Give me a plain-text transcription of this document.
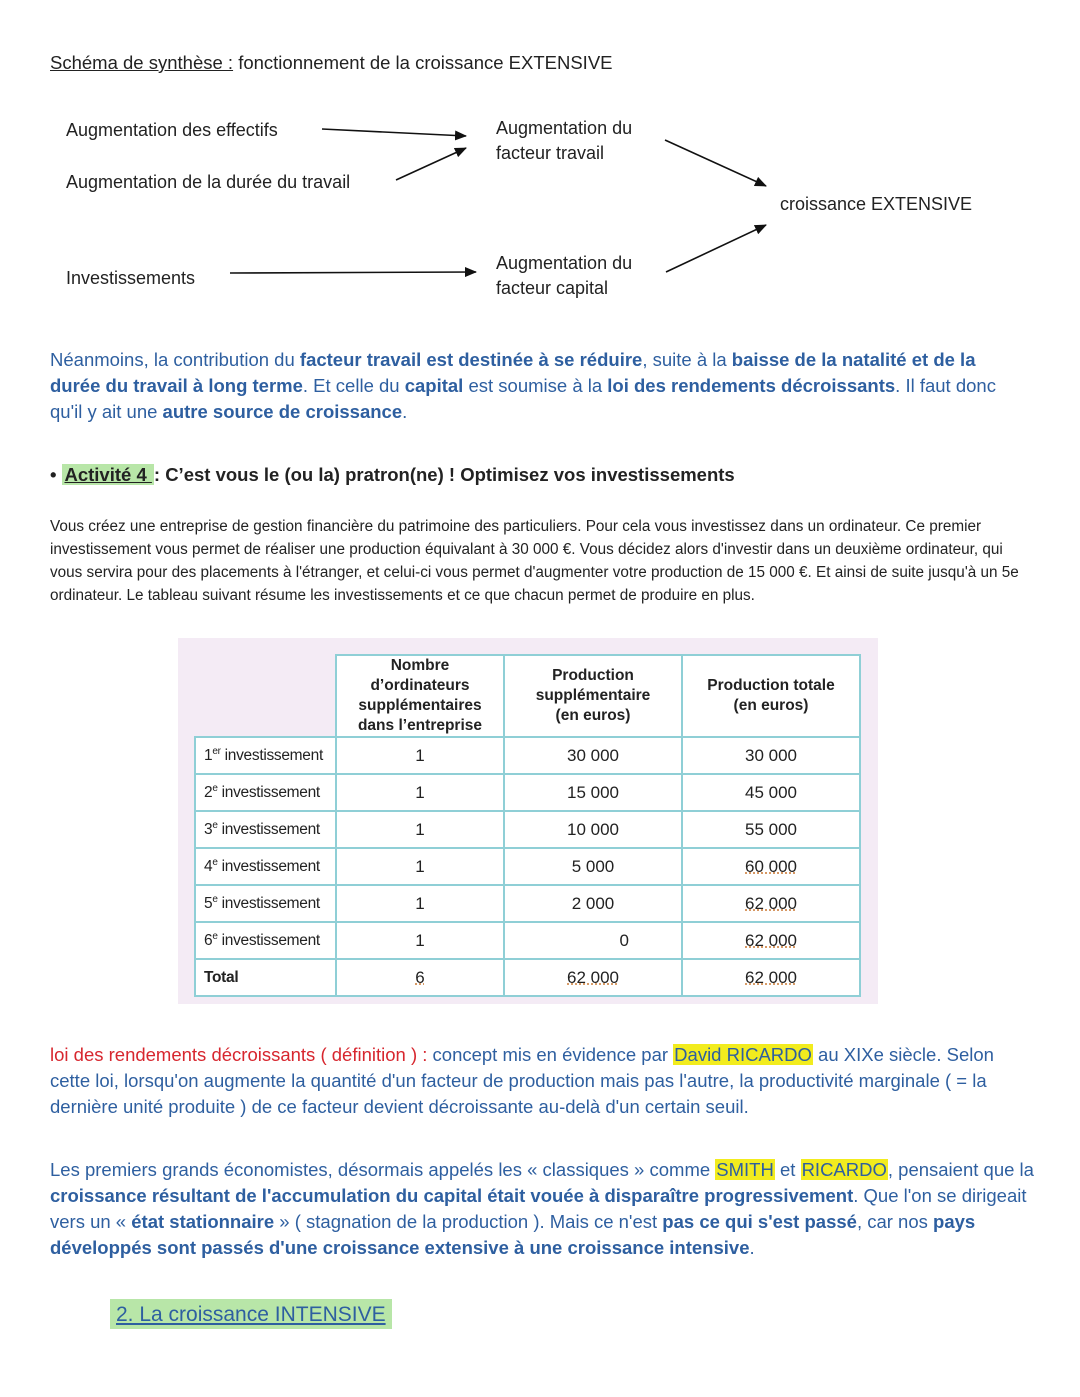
Schéma de synthèse : fonctionnement de la croissance EXTENSIVE
Augmentation des effectifs
Augmentation de la durée du travail
Investissements
Augmentation du
facteur travail
Augmentation du
facteur capital
croissance EXTENSIVE
Néanmoins, la contribution du facteur travail est destinée à se réduire, suite à la baisse de la natalité et de la durée du travail à long terme. Et celle du capital est soumise à la loi des rendements décroissants. Il faut donc qu'il y ait une autre source de croissance.
• Activité 4 : C’est vous le (ou la) pratron(ne) ! Optimisez vos investissements
Vous créez une entreprise de gestion financière du patrimoine des particuliers. Pour cela vous investissez dans un ordinateur. Ce premier investissement vous permet de réaliser une production équivalant à 30 000 €. Vous décidez alors d'investir dans un deuxième ordinateur, qui vous servira pour des placements à l'étranger, et celui-ci vous permet d'augmenter votre production de 15 000 €. Et ainsi de suite jusqu'à un 5e ordinateur. Le tableau suivant résume les investissements et ce que chacun permet de produire en plus.
	Nombre d’ordinateurs supplémentaires dans l’entreprise	Production supplémentaire (en euros)	Production totale (en euros)
1er investissement	1	30 000	30 000
2e investissement	1	15 000	45 000
3e investissement	1	10 000	55 000
4e investissement	1	5 000	60 000
5e investissement	1	2 000	62 000
6e investissement	1	0	62 000
Total	6	62 000	62 000
loi des rendements décroissants ( définition ) : concept mis en évidence par David RICARDO au XIXe siècle. Selon cette loi, lorsqu'on augmente la quantité d'un facteur de production mais pas l'autre, la productivité marginale ( = la dernière unité produite ) de ce facteur devient décroissante au-delà d'un certain seuil.
Les premiers grands économistes, désormais appelés les « classiques » comme SMITH et RICARDO, pensaient que la croissance résultant de l'accumulation du capital était vouée à disparaître progressivement. Que l'on se dirigeait vers un « état stationnaire » ( stagnation de la production ). Mais ce n'est pas ce qui s'est passé, car nos pays développés sont passés d'une croissance extensive à une croissance intensive.
2. La croissance INTENSIVE
